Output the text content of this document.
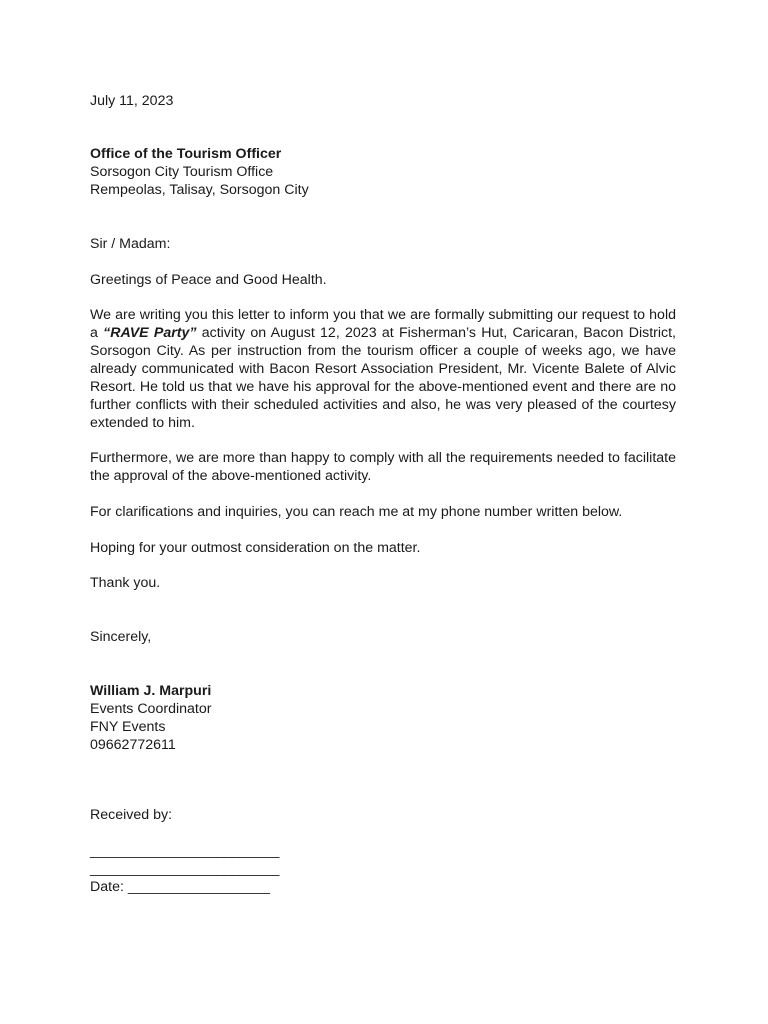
July 11, 2023
Office of the Tourism Officer
Sorsogon City Tourism Office
Rempeolas, Talisay, Sorsogon City
Sir / Madam:
Greetings of Peace and Good Health.

We are writing you this letter to inform you that we are formally submitting our request to hold a “RAVE Party” activity on August 12, 2023 at Fisherman’s Hut, Caricaran, Bacon District, Sorsogon City. As per instruction from the tourism officer a couple of weeks ago, we have already communicated with Bacon Resort Association President, Mr. Vicente Balete of Alvic Resort. He told us that we have his approval for the above-mentioned event and there are no further conflicts with their scheduled activities and also, he was very pleased of the courtesy extended to him.

Furthermore, we are more than happy to comply with all the requirements needed to facilitate the approval of the above-mentioned activity.

For clarifications and inquiries, you can reach me at my phone number written below.

Hoping for your outmost consideration on the matter.

Thank you.
Sincerely,
William J. Marpuri
Events Coordinator
FNY Events
09662772611
Received by:
________________________
________________________
Date: __________________
